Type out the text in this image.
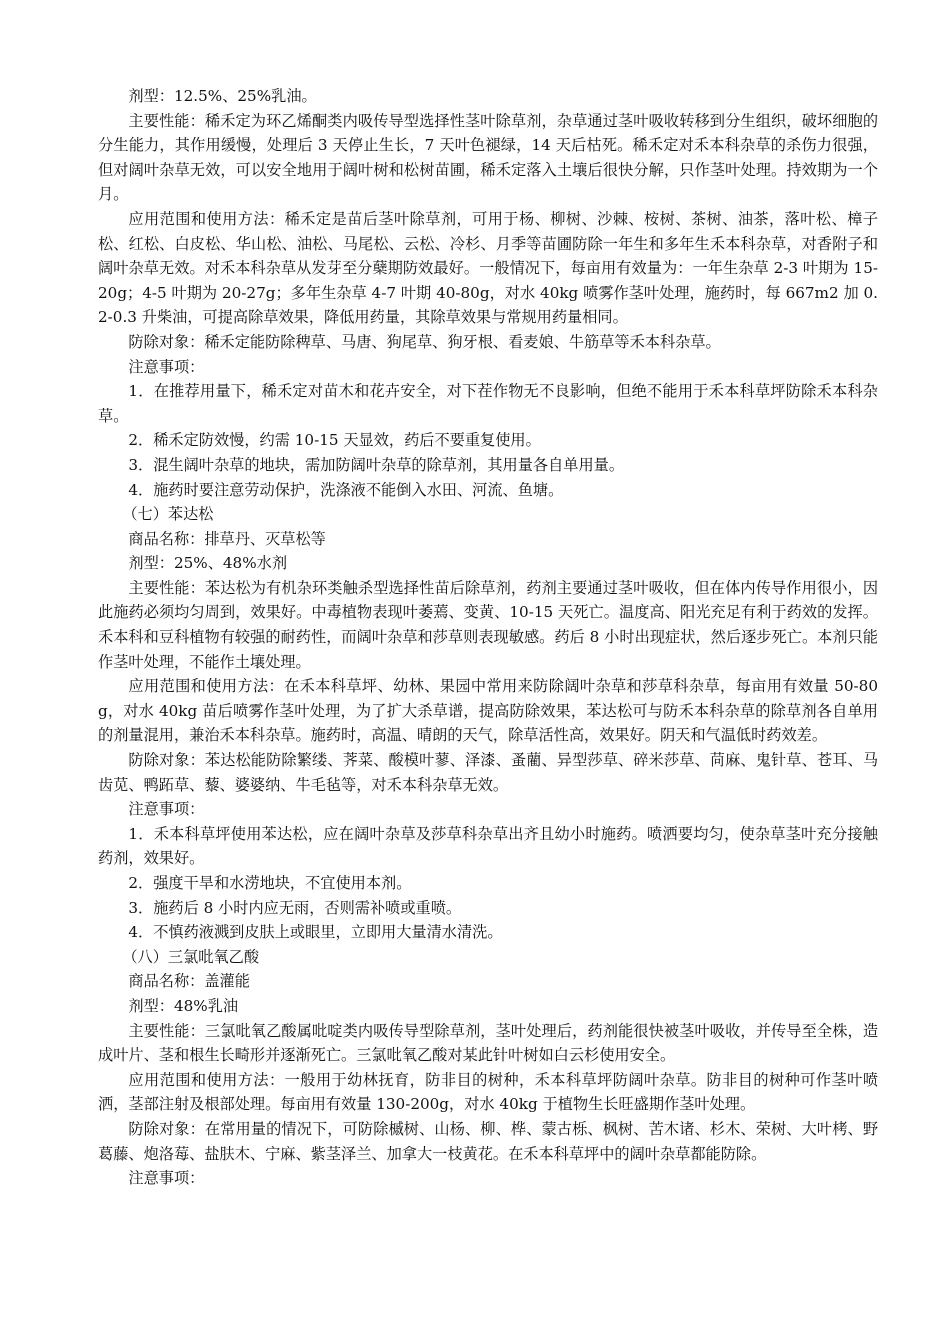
剂型：12.5%、25%乳油。

主要性能：稀禾定为环乙烯酮类内吸传导型选择性茎叶除草剂，杂草通过茎叶吸收转移到分生组织，破坏细胞的分生能力，其作用缓慢，处理后 3 天停止生长，7 天叶色褪绿，14 天后枯死。稀禾定对禾本科杂草的杀伤力很强，但对阔叶杂草无效，可以安全地用于阔叶树和松树苗圃，稀禾定落入土壤后很快分解，只作茎叶处理。持效期为一个月。

应用范围和使用方法：稀禾定是苗后茎叶除草剂，可用于杨、柳树、沙棘、桉树、茶树、油茶，落叶松、樟子松、红松、白皮松、华山松、油松、马尾松、云松、冷杉、月季等苗圃防除一年生和多年生禾本科杂草，对香附子和阔叶杂草无效。对禾本科杂草从发芽至分蘖期防效最好。一般情况下，每亩用有效量为：一年生杂草 2-3 叶期为 15-20g；4-5 叶期为 20-27g；多年生杂草 4-7 叶期 40-80g，对水 40kg 喷雾作茎叶处理，施药时，每 667m2 加 0.2-0.3 升柴油，可提高除草效果，降低用药量，其除草效果与常规用药量相同。

防除对象：稀禾定能防除稗草、马唐、狗尾草、狗牙根、看麦娘、牛筋草等禾本科杂草。

注意事项：

1．在推荐用量下，稀禾定对苗木和花卉安全，对下茬作物无不良影响，但绝不能用于禾本科草坪防除禾本科杂草。

2．稀禾定防效慢，约需 10-15 天显效，药后不要重复使用。

3．混生阔叶杂草的地块，需加防阔叶杂草的除草剂，其用量各自单用量。

4．施药时要注意劳动保护，洗涤液不能倒入水田、河流、鱼塘。

（七）苯达松

商品名称：排草丹、灭草松等

剂型：25%、48%水剂

主要性能：苯达松为有机杂环类触杀型选择性苗后除草剂，药剂主要通过茎叶吸收，但在体内传导作用很小，因此施药必须均匀周到，效果好。中毒植物表现叶萎蔫、变黄、10-15 天死亡。温度高、阳光充足有利于药效的发挥。禾本科和豆科植物有较强的耐药性，而阔叶杂草和莎草则表现敏感。药后 8 小时出现症状，然后逐步死亡。本剂只能作茎叶处理，不能作土壤处理。

应用范围和使用方法：在禾本科草坪、幼林、果园中常用来防除阔叶杂草和莎草科杂草，每亩用有效量 50-80g，对水 40kg 苗后喷雾作茎叶处理，为了扩大杀草谱，提高防除效果，苯达松可与防禾本科杂草的除草剂各自单用的剂量混用，兼治禾本科杂草。施药时，高温、晴朗的天气，除草活性高，效果好。阴天和气温低时药效差。

防除对象：苯达松能防除繁缕、荠菜、酸模叶蓼、泽漆、蚤藺、异型莎草、碎米莎草、苘麻、鬼针草、苍耳、马齿苋、鸭跖草、藜、婆婆纳、牛毛毡等，对禾本科杂草无效。

注意事项：

1．禾本科草坪使用苯达松，应在阔叶杂草及莎草科杂草出齐且幼小时施药。喷洒要均匀，使杂草茎叶充分接触药剂，效果好。

2．强度干旱和水涝地块，不宜使用本剂。

3．施药后 8 小时内应无雨，否则需补喷或重喷。

4．不慎药液溅到皮肤上或眼里，立即用大量清水清洗。

（八）三氯吡氧乙酸

商品名称：盖灌能

剂型：48%乳油

主要性能：三氯吡氧乙酸属吡啶类内吸传导型除草剂，茎叶处理后，药剂能很快被茎叶吸收，并传导至全株，造成叶片、茎和根生长畸形并逐渐死亡。三氯吡氧乙酸对某此针叶树如白云杉使用安全。

应用范围和使用方法：一般用于幼林抚育，防非目的树种，禾本科草坪防阔叶杂草。防非目的树种可作茎叶喷洒，茎部注射及根部处理。每亩用有效量 130-200g，对水 40kg 于植物生长旺盛期作茎叶处理。

防除对象：在常用量的情况下，可防除槭树、山杨、柳、桦、蒙古栎、枫树、苦木诸、杉木、荣树、大叶栲、野葛藤、炮洛莓、盐肤木、宁麻、紫茎泽兰、加拿大一枝黄花。在禾本科草坪中的阔叶杂草都能防除。

注意事项：
